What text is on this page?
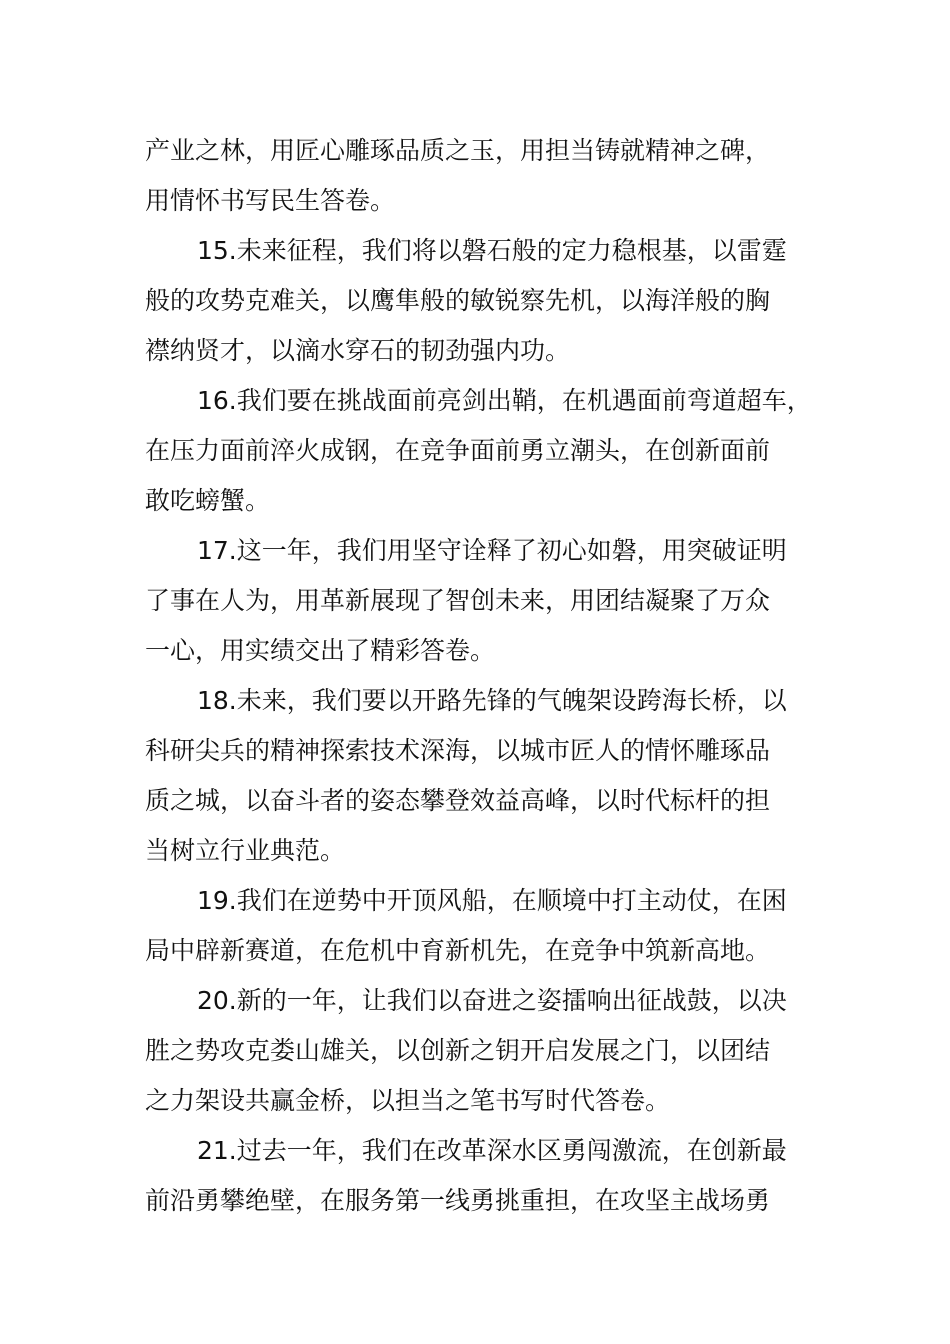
产业之林，用匠心雕琢品质之玉，用担当铸就精神之碑，
用情怀书写民生答卷。
15.未来征程，我们将以磐石般的定力稳根基，以雷霆
般的攻势克难关，以鹰隼般的敏锐察先机，以海洋般的胸
襟纳贤才，以滴水穿石的韧劲强内功。
16.我们要在挑战面前亮剑出鞘，在机遇面前弯道超车，
在压力面前淬火成钢，在竞争面前勇立潮头，在创新面前
敢吃螃蟹。
17.这一年，我们用坚守诠释了初心如磐，用突破证明
了事在人为，用革新展现了智创未来，用团结凝聚了万众
一心，用实绩交出了精彩答卷。
18.未来，我们要以开路先锋的气魄架设跨海长桥，以
科研尖兵的精神探索技术深海，以城市匠人的情怀雕琢品
质之城，以奋斗者的姿态攀登效益高峰，以时代标杆的担
当树立行业典范。
19.我们在逆势中开顶风船，在顺境中打主动仗，在困
局中辟新赛道，在危机中育新机先，在竞争中筑新高地。
20.新的一年，让我们以奋进之姿擂响出征战鼓，以决
胜之势攻克娄山雄关，以创新之钥开启发展之门，以团结
之力架设共赢金桥，以担当之笔书写时代答卷。
21.过去一年，我们在改革深水区勇闯激流，在创新最
前沿勇攀绝壁，在服务第一线勇挑重担，在攻坚主战场勇
